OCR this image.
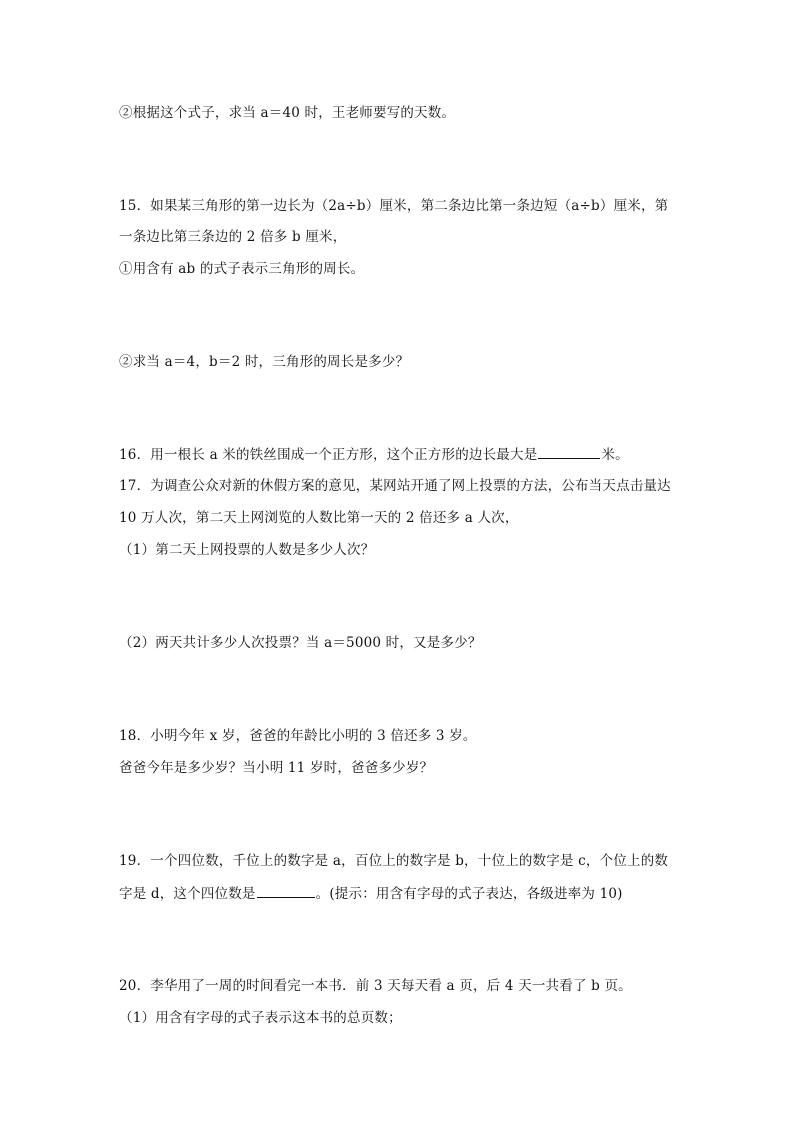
②根据这个式子，求当 a＝40 时，王老师要写的天数。
15．如果某三角形的第一边长为（2a÷b）厘米，第二条边比第一条边短（a÷b）厘米，第
一条边比第三条边的 2 倍多 b 厘米，
①用含有 ab 的式子表示三角形的周长。
②求当 a＝4，b＝2 时，三角形的周长是多少？
16．用一根长 a 米的铁丝围成一个正方形，这个正方形的边长最大是	米。
17．为调查公众对新的休假方案的意见，某网站开通了网上投票的方法，公布当天点击量达
10 万人次，第二天上网浏览的人数比第一天的 2 倍还多 a 人次，
（1）第二天上网投票的人数是多少人次？
（2）两天共计多少人次投票？当 a＝5000 时，又是多少？
18．小明今年 x 岁，爸爸的年龄比小明的 3 倍还多 3 岁。
爸爸今年是多少岁？当小明 11 岁时，爸爸多少岁？
19．一个四位数，千位上的数字是 a，百位上的数字是 b，十位上的数字是 c，个位上的数
字是 d，这个四位数是	。(提示：用含有字母的式子表达，各级进率为 10)
20．李华用了一周的时间看完一本书．前 3 天每天看 a 页，后 4 天一共看了 b 页。
（1）用含有字母的式子表示这本书的总页数；
